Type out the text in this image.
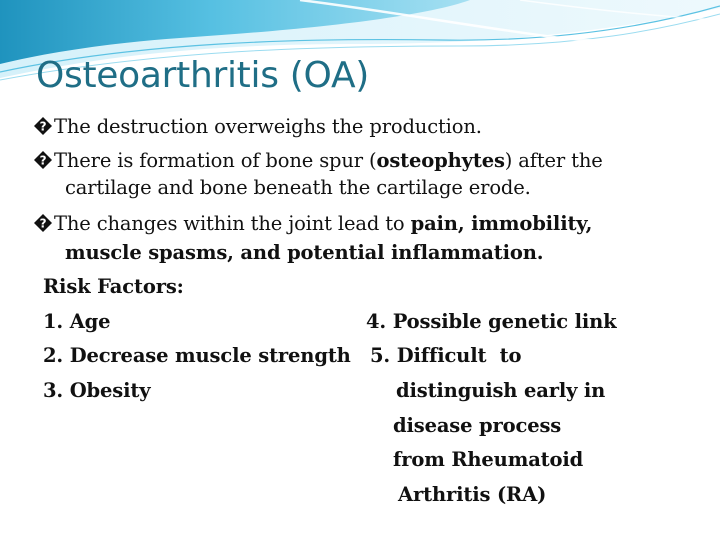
Osteoarthritis (OA)
? The destruction overweighs the production.
? There is formation of bone spur (osteophytes) after the
cartilage and bone beneath the cartilage erode.
? The changes within the joint lead to pain, immobility,
muscle spasms, and potential inflammation.
Risk Factors:
1. Age
2. Decrease muscle strength
3. Obesity
4. Possible genetic link
5. Difficult  to
distinguish early in
disease process
from Rheumatoid
Arthritis (RA)
